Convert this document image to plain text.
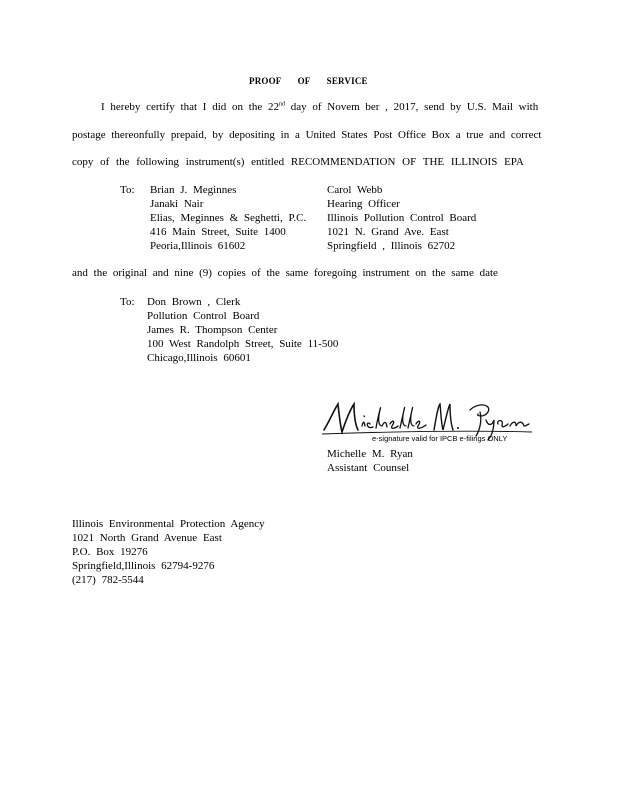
PROOF OF SERVICE
I hereby certify that I did on the 22nd day of Novem ber , 2017, send by U.S. Mail with
postage thereonfully prepaid, by depositing in a United States Post Office Box a true and correct
copy of the following instrument(s) entitled RECOMMENDATION OF THE ILLINOIS EPA
To: Brian J. Meginnes
Janaki Nair
Elias, Meginnes & Seghetti, P.C.
416 Main Street, Suite 1400
Peoria,Illinois 61602
Carol Webb
Hearing Officer
Illinois Pollution Control Board
1021 N. Grand Ave. East
Springfield , Illinois 62702
and the original and nine (9) copies of the same foregoing instrument on the same date
To: Don Brown , Clerk
Pollution Control Board
James R. Thompson Center
100 West Randolph Street, Suite 11-500
Chicago,Illinois 60601
e-signature valid for IPCB e-filings ONLY
Michelle M. Ryan
Assistant Counsel
Illinois Environmental Protection Agency
1021 North Grand Avenue East
P.O. Box 19276
Springfield,Illinois 62794-9276
(217) 782-5544
